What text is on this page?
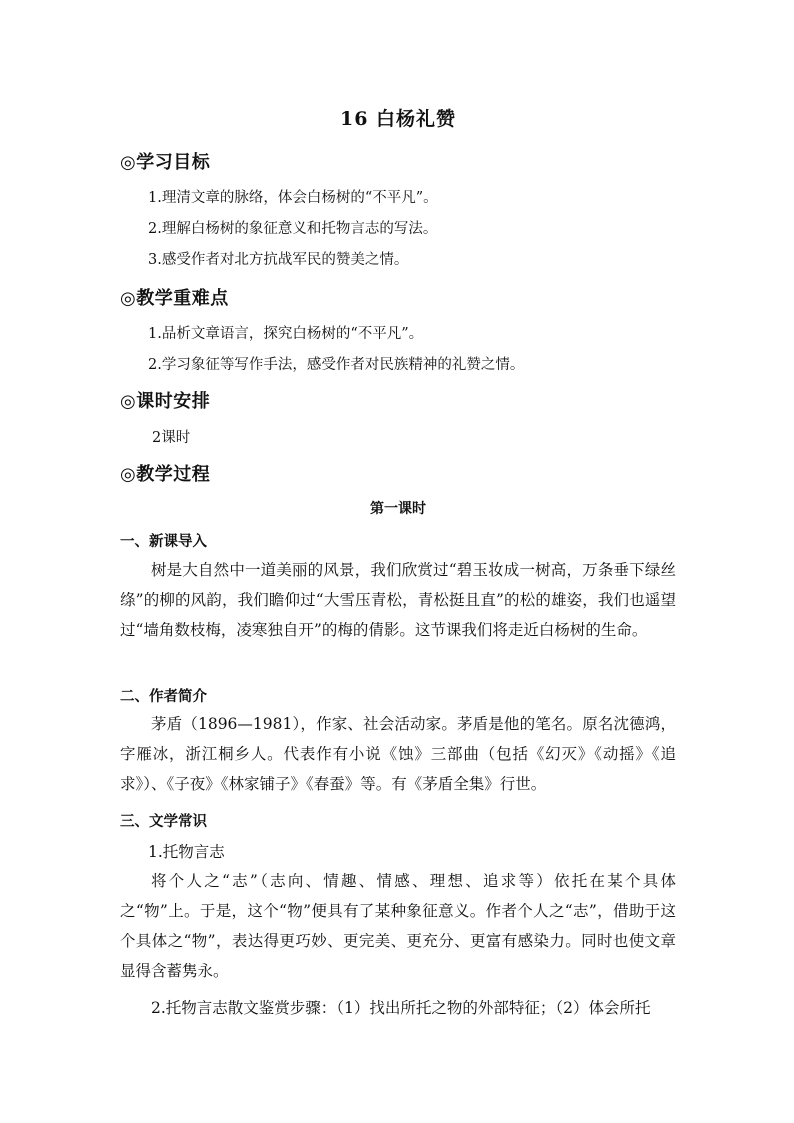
16 白杨礼赞
◎学习目标
1.理清文章的脉络，体会白杨树的“不平凡”。
2.理解白杨树的象征意义和托物言志的写法。
3.感受作者对北方抗战军民的赞美之情。
◎教学重难点
1.品析文章语言，探究白杨树的“不平凡”。
2.学习象征等写作手法，感受作者对民族精神的礼赞之情。
◎课时安排
2课时
◎教学过程
第一课时
一、新课导入
树是大自然中一道美丽的风景，我们欣赏过“碧玉妆成一树高，万条垂下绿丝绦”的柳的风韵，我们瞻仰过“大雪压青松，青松挺且直”的松的雄姿，我们也遥望过“墙角数枝梅，凌寒独自开”的梅的倩影。这节课我们将走近白杨树的生命。
二、作者简介
茅盾（1896—1981），作家、社会活动家。茅盾是他的笔名。原名沈德鸿，字雁冰，浙江桐乡人。代表作有小说《蚀》三部曲（包括《幻灭》《动摇》《追求》）、《子夜》《林家铺子》《春蚕》等。有《茅盾全集》行世。
三、文学常识
1.托物言志
将个人之“志”（志向、情趣、情感、理想、追求等）依托在某个具体之“物”上。于是，这个“物”便具有了某种象征意义。作者个人之“志”，借助于这个具体之“物”，表达得更巧妙、更完美、更充分、更富有感染力。同时也使文章显得含蓄隽永。
2.托物言志散文鉴赏步骤：（1）找出所托之物的外部特征；（2）体会所托
